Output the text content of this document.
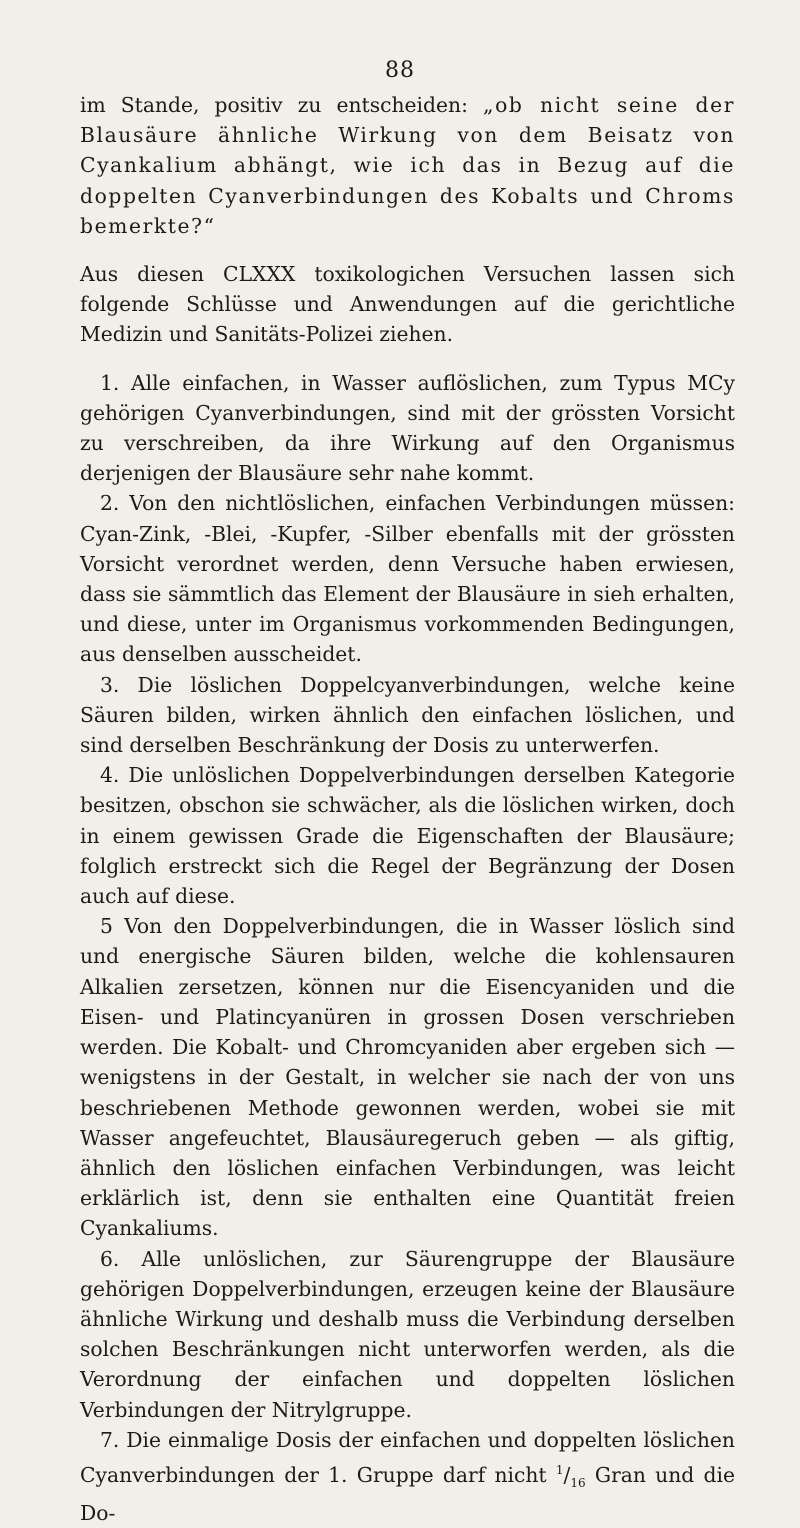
88

im Stande, positiv zu entscheiden: „ob nicht seine der Blausäure ähnliche Wirkung von dem Beisatz von Cyankalium abhängt, wie ich das in Bezug auf die doppelten Cyanverbindungen des Kobalts und Chroms bemerkte?“

Aus diesen CLXXX toxikologichen Versuchen lassen sich folgende Schlüsse und Anwendungen auf die gerichtliche Medizin und Sanitäts-Polizei ziehen.

1. Alle einfachen, in Wasser auflöslichen, zum Typus MCy gehörigen Cyanverbindungen, sind mit der grössten Vorsicht zu verschreiben, da ihre Wirkung auf den Organismus derjenigen der Blausäure sehr nahe kommt.

2. Von den nichtlöslichen, einfachen Verbindungen müssen: Cyan-Zink, -Blei, -Kupfer, -Silber ebenfalls mit der grössten Vorsicht verordnet werden, denn Versuche haben erwiesen, dass sie sämmtlich das Element der Blausäure in sieh erhalten, und diese, unter im Organismus vorkommenden Bedingungen, aus denselben ausscheidet.

3. Die löslichen Doppelcyanverbindungen, welche keine Säuren bilden, wirken ähnlich den einfachen löslichen, und sind derselben Beschränkung der Dosis zu unterwerfen.

4. Die unlöslichen Doppelverbindungen derselben Kategorie besitzen, obschon sie schwächer, als die löslichen wirken, doch in einem gewissen Grade die Eigenschaften der Blausäure; folglich erstreckt sich die Regel der Begränzung der Dosen auch auf diese.

5 Von den Doppelverbindungen, die in Wasser löslich sind und energische Säuren bilden, welche die kohlensauren Alkalien zersetzen, können nur die Eisencyaniden und die Eisen- und Platincyanüren in grossen Dosen verschrieben werden. Die Kobalt- und Chromcyaniden aber ergeben sich — wenigstens in der Gestalt, in welcher sie nach der von uns beschriebenen Methode gewonnen werden, wobei sie mit Wasser angefeuchtet, Blausäuregeruch geben — als giftig, ähnlich den löslichen einfachen Verbindungen, was leicht erklärlich ist, denn sie enthalten eine Quantität freien Cyankaliums.

6. Alle unlöslichen, zur Säurengruppe der Blausäure gehörigen Doppelverbindungen, erzeugen keine der Blausäure ähnliche Wirkung und deshalb muss die Verbindung derselben solchen Beschränkungen nicht unterworfen werden, als die Verordnung der einfachen und doppelten löslichen Verbindungen der Nitrylgruppe.

7. Die einmalige Dosis der einfachen und doppelten löslichen Cyanverbindungen der 1. Gruppe darf nicht $^1/_{16}$ Gran und die Do-
